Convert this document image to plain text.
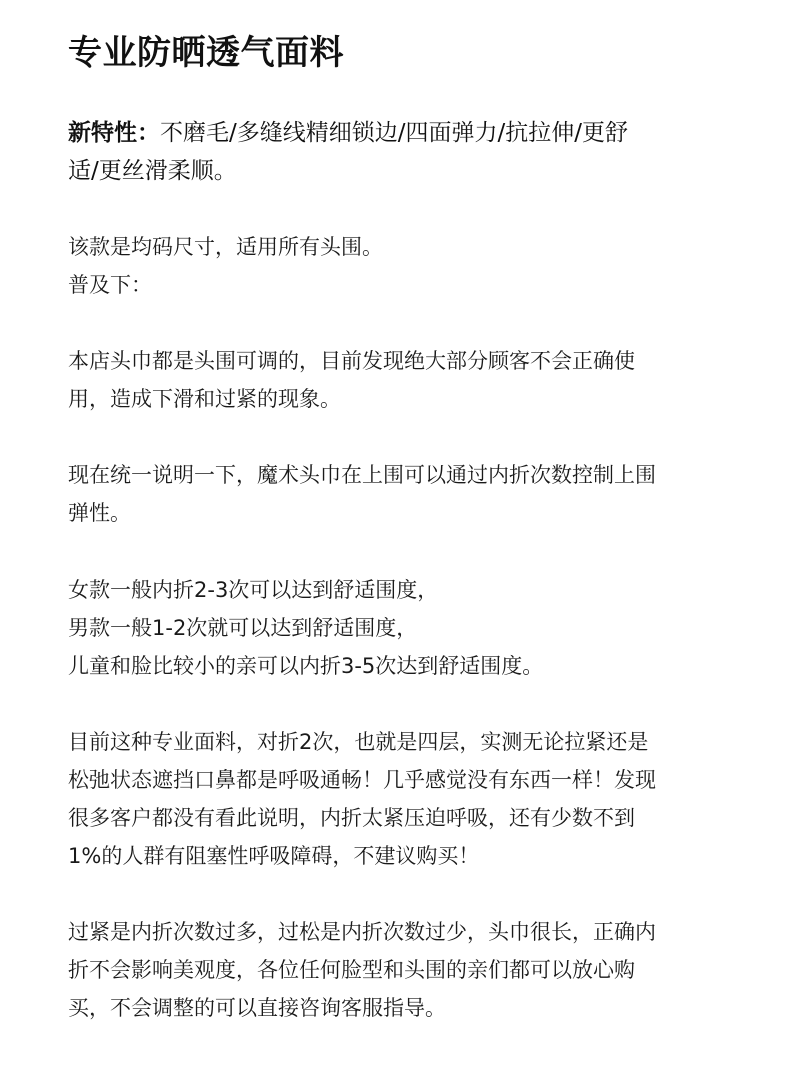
专业防晒透气面料
新特性：不磨毛/多缝线精细锁边/四面弹力/抗拉伸/更舒
适/更丝滑柔顺。
该款是均码尺寸，适用所有头围。
普及下：
本店头巾都是头围可调的，目前发现绝大部分顾客不会正确使
用，造成下滑和过紧的现象。
现在统一说明一下，魔术头巾在上围可以通过内折次数控制上围
弹性。
女款一般内折2-3次可以达到舒适围度，
男款一般1-2次就可以达到舒适围度，
儿童和脸比较小的亲可以内折3-5次达到舒适围度。
目前这种专业面料，对折2次，也就是四层，实测无论拉紧还是
松弛状态遮挡口鼻都是呼吸通畅！几乎感觉没有东西一样！发现
很多客户都没有看此说明，内折太紧压迫呼吸，还有少数不到
1%的人群有阻塞性呼吸障碍，不建议购买！
过紧是内折次数过多，过松是内折次数过少，头巾很长，正确内
折不会影响美观度，各位任何脸型和头围的亲们都可以放心购
买，不会调整的可以直接咨询客服指导。
